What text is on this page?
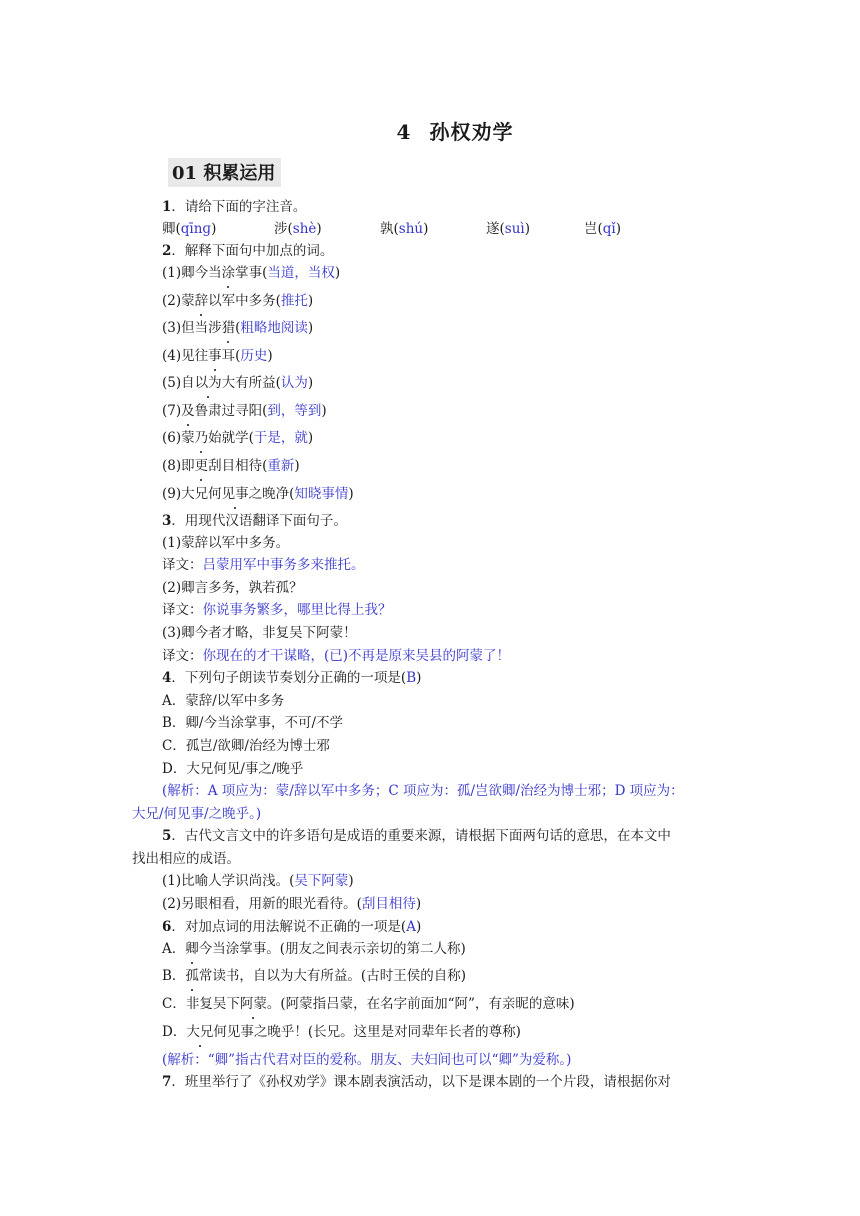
4 孙权劝学
01 积累运用
1．请给下面的字注音。
卿(qīnɡ)	涉(shè)	孰(shú)	遂(suì)	岂(qǐ)
2．解释下面句中加点的词。
(1)卿今当涂掌事(当道，当权)
(2)蒙辞以军中多务(推托)
(3)但当涉猎(粗略地阅读)
(4)见往事耳(历史)
(5)自以为大有所益(认为)
(7)及鲁肃过寻阳(到，等到)
(6)蒙乃始就学(于是，就)
(8)即更刮目相待(重新)
(9)大兄何见事之晚净(知晓事情)
3．用现代汉语翻译下面句子。
(1)蒙辞以军中多务。
译文：吕蒙用军中事务多来推托。
(2)卿言多务，孰若孤？
译文：你说事务繁多，哪里比得上我？
(3)卿今者才略，非复吴下阿蒙！
译文：你现在的才干谋略，(已)不再是原来吴县的阿蒙了！
4．下列句子朗读节奏划分正确的一项是(B)
A．蒙辞/以军中多务
B．卿/今当涂掌事，不可/不学
C．孤岂/欲卿/治经为博士邪
D．大兄何见/事之/晚乎
(解析：A 项应为：蒙/辞以军中多务；C 项应为：孤/岂欲卿/治经为博士邪；D 项应为：
大兄/何见事/之晚乎。)
5．古代文言文中的许多语句是成语的重要来源，请根据下面两句话的意思，在本文中
找出相应的成语。
(1)比喻人学识尚浅。(吴下阿蒙)
(2)另眼相看，用新的眼光看待。(刮目相待)
6．对加点词的用法解说不正确的一项是(A)
A．卿今当涂掌事。(朋友之间表示亲切的第二人称)
B．孤常读书，自以为大有所益。(古时王侯的自称)
C．非复吴下阿蒙。(阿蒙指吕蒙，在名字前面加“阿”，有亲昵的意味)
D．大兄何见事之晚乎！(长兄。这里是对同辈年长者的尊称)
(解析：“卿”指古代君对臣的爱称。朋友、夫妇间也可以“卿”为爱称。)
7．班里举行了《孙权劝学》课本剧表演活动，以下是课本剧的一个片段，请根据你对
